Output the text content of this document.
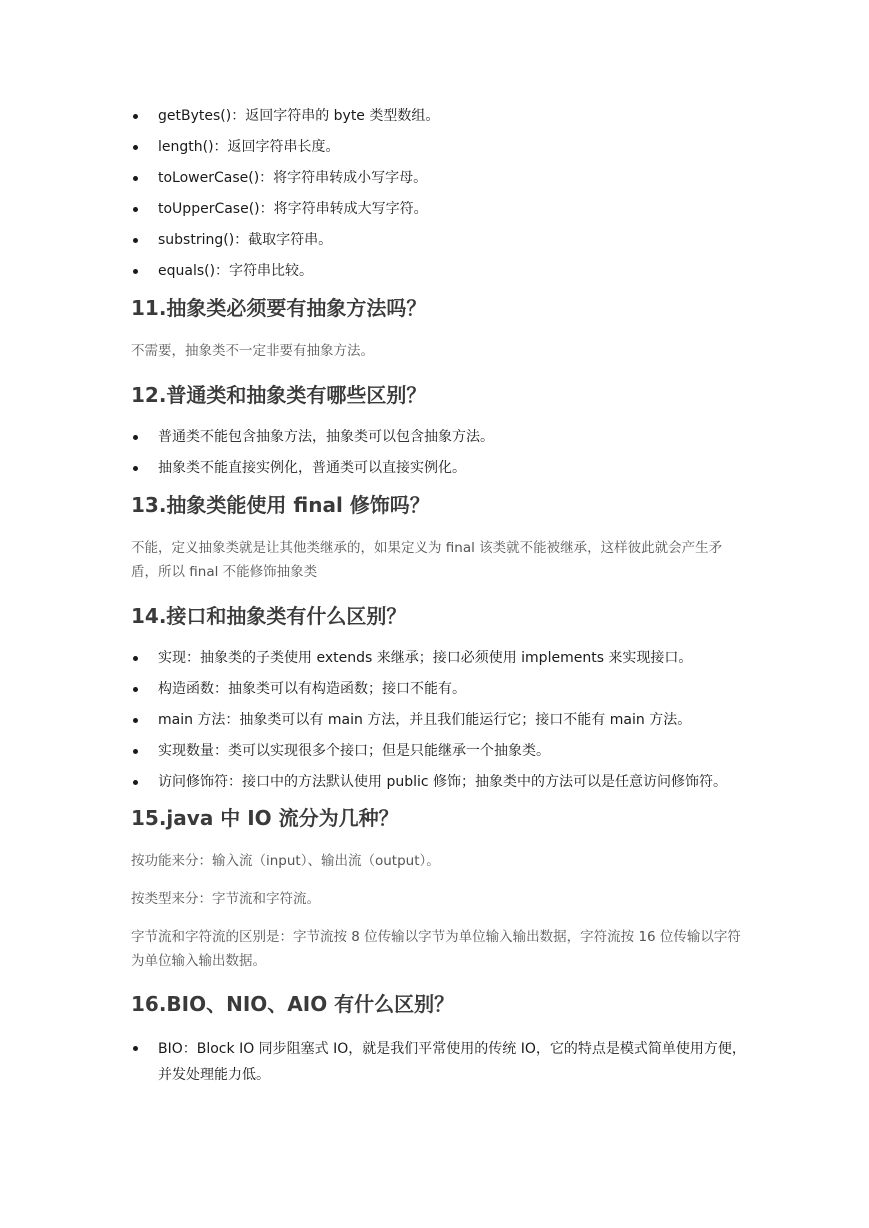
getBytes()：返回字符串的 byte 类型数组。
length()：返回字符串长度。
toLowerCase()：将字符串转成小写字母。
toUpperCase()：将字符串转成大写字符。
substring()：截取字符串。
equals()：字符串比较。
11.抽象类必须要有抽象方法吗？

不需要，抽象类不一定非要有抽象方法。

12.普通类和抽象类有哪些区别？
普通类不能包含抽象方法，抽象类可以包含抽象方法。
抽象类不能直接实例化，普通类可以直接实例化。
13.抽象类能使用 final 修饰吗？

不能，定义抽象类就是让其他类继承的，如果定义为 final 该类就不能被继承，这样彼此就会产生矛盾，所以 final 不能修饰抽象类

14.接口和抽象类有什么区别？
实现：抽象类的子类使用 extends 来继承；接口必须使用 implements 来实现接口。
构造函数：抽象类可以有构造函数；接口不能有。
main 方法：抽象类可以有 main 方法，并且我们能运行它；接口不能有 main 方法。
实现数量：类可以实现很多个接口；但是只能继承一个抽象类。
访问修饰符：接口中的方法默认使用 public 修饰；抽象类中的方法可以是任意访问修饰符。
15.java 中 IO 流分为几种？

按功能来分：输入流（input）、输出流（output）。

按类型来分：字节流和字符流。

字节流和字符流的区别是：字节流按 8 位传输以字节为单位输入输出数据，字符流按 16 位传输以字符为单位输入输出数据。

16.BIO、NIO、AIO 有什么区别？
BIO：Block IO 同步阻塞式 IO，就是我们平常使用的传统 IO，它的特点是模式简单使用方便，并发处理能力低。
